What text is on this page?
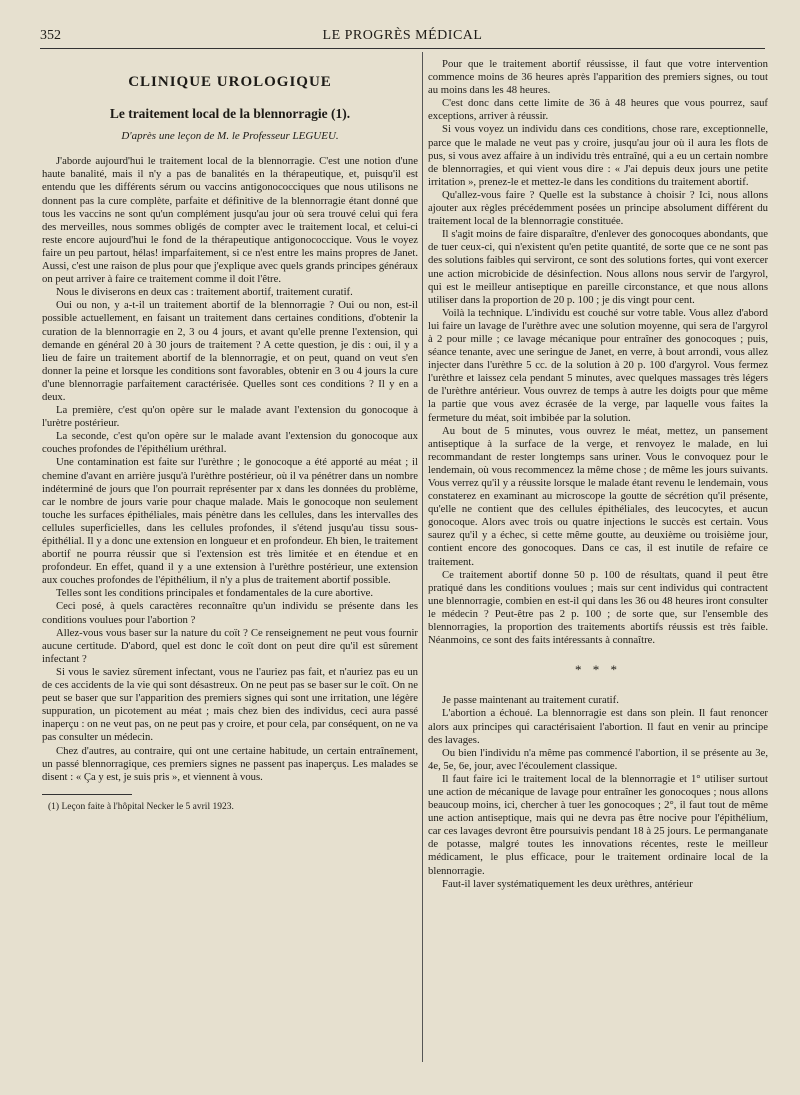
352	LE PROGRÈS MÉDICAL
CLINIQUE UROLOGIQUE
Le traitement local de la blennorragie (1).
D'après une leçon de M. le Professeur LEGUEU.

J'aborde aujourd'hui le traitement local de la blennorragie. C'est une notion d'une haute banalité, mais il n'y a pas de banalités en la thérapeutique, et, puisqu'il est entendu que les différents sérum ou vaccins antigonococciques que nous utilisons ne donnent pas la cure complète, parfaite et définitive de la blennorragie étant donné que tous les vaccins ne sont qu'un complément jusqu'au jour où sera trouvé celui qui fera des merveilles, nous sommes obligés de compter avec le traitement local, et celui-ci reste encore aujourd'hui le fond de la thérapeutique antigonococcique. Vous le voyez faire un peu partout, hélas! imparfaitement, si ce n'est entre les mains propres de Janet. Aussi, c'est une raison de plus pour que j'explique avec quels grands principes généraux on peut arriver à faire ce traitement comme il doit l'être.

Nous le diviserons en deux cas : traitement abortif, traitement curatif.

Oui ou non, y a-t-il un traitement abortif de la blennorragie ? Oui ou non, est-il possible actuellement, en faisant un traitement dans certaines conditions, d'obtenir la curation de la blennorragie en 2, 3 ou 4 jours, et avant qu'elle prenne l'extension, qui demande en général 20 à 30 jours de traitement ? A cette question, je dis : oui, il y a lieu de faire un traitement abortif de la blennorragie, et on peut, quand on veut s'en donner la peine et lorsque les conditions sont favorables, obtenir en 3 ou 4 jours la cure d'une blennorragie parfaitement caractérisée. Quelles sont ces conditions ? Il y en a deux.

La première, c'est qu'on opère sur le malade avant l'extension du gonocoque à l'urètre postérieur.

La seconde, c'est qu'on opère sur le malade avant l'extension du gonocoque aux couches profondes de l'épithélium uréthral.

Une contamination est faite sur l'urèthre ; le gonocoque a été apporté au méat ; il chemine d'avant en arrière jusqu'à l'urèthre postérieur, où il va pénétrer dans un nombre indéterminé de jours que l'on pourrait représenter par x dans les données du problème, car le nombre de jours varie pour chaque malade. Mais le gonocoque non seulement touche les surfaces épithéliales, mais pénètre dans les cellules, dans les intervalles des cellules superficielles, dans les cellules profondes, il s'étend jusqu'au tissu sous-épithélial. Il y a donc une extension en longueur et en profondeur. Eh bien, le traitement abortif ne pourra réussir que si l'extension est très limitée et en étendue et en profondeur. En effet, quand il y a une extension à l'urèthre postérieur, une extension aux couches profondes de l'épithélium, il n'y a plus de traitement abortif possible.

Telles sont les conditions principales et fondamentales de la cure abortive.

Ceci posé, à quels caractères reconnaître qu'un individu se présente dans les conditions voulues pour l'abortion ?

Allez-vous vous baser sur la nature du coït ? Ce renseignement ne peut vous fournir aucune certitude. D'abord, quel est donc le coït dont on peut dire qu'il est sûrement infectant ?

Si vous le saviez sûrement infectant, vous ne l'auriez pas fait, et n'auriez pas eu un de ces accidents de la vie qui sont désastreux. On ne peut pas se baser sur le coït. On ne peut se baser que sur l'apparition des premiers signes qui sont une irritation, une légère suppuration, un picotement au méat ; mais chez bien des individus, ceci aura passé inaperçu : on ne veut pas, on ne peut pas y croire, et pour cela, par conséquent, on ne va pas consulter un médecin.

Chez d'autres, au contraire, qui ont une certaine habitude, un certain entraînement, un passé blennorragique, ces premiers signes ne passent pas inaperçus. Les malades se disent : « Ça y est, je suis pris », et viennent à vous.

(1) Leçon faite à l'hôpital Necker le 5 avril 1923.

Pour que le traitement abortif réussisse, il faut que votre intervention commence moins de 36 heures après l'apparition des premiers signes, ou tout au moins dans les 48 heures.

C'est donc dans cette limite de 36 à 48 heures que vous pourrez, sauf exceptions, arriver à réussir.

Si vous voyez un individu dans ces conditions, chose rare, exceptionnelle, parce que le malade ne veut pas y croire, jusqu'au jour où il aura les flots de pus, si vous avez affaire à un individu très entraîné, qui a eu un certain nombre de blennorragies, et qui vient vous dire : « J'ai depuis deux jours une petite irritation », prenez-le et mettez-le dans les conditions du traitement abortif.

Qu'allez-vous faire ? Quelle est la substance à choisir ? Ici, nous allons ajouter aux règles précédemment posées un principe absolument différent du traitement local de la blennorragie constituée.

Il s'agit moins de faire disparaître, d'enlever des gonocoques abondants, que de tuer ceux-ci, qui n'existent qu'en petite quantité, de sorte que ce ne sont pas des solutions faibles qui serviront, ce sont des solutions fortes, qui vont exercer une action microbicide de désinfection. Nous allons nous servir de l'argyrol, qui est le meilleur antiseptique en pareille circonstance, et que nous allons utiliser dans la proportion de 20 p. 100 ; je dis vingt pour cent.

Voilà la technique. L'individu est couché sur votre table. Vous allez d'abord lui faire un lavage de l'urèthre avec une solution moyenne, qui sera de l'argyrol à 2 pour mille ; ce lavage mécanique pour entraîner des gonocoques ; puis, séance tenante, avec une seringue de Janet, en verre, à bout arrondi, vous allez injecter dans l'urèthre 5 cc. de la solution à 20 p. 100 d'argyrol. Vous fermez l'urèthre et laissez cela pendant 5 minutes, avec quelques massages très légers de l'urèthre antérieur. Vous ouvrez de temps à autre les doigts pour que même la partie que vous avez écrasée de la verge, par laquelle vous faites la fermeture du méat, soit imbibée par la solution.

Au bout de 5 minutes, vous ouvrez le méat, mettez, un pansement antiseptique à la surface de la verge, et renvoyez le malade, en lui recommandant de rester longtemps sans uriner. Vous le convoquez pour le lendemain, où vous recommencez la même chose ; de même les jours suivants. Vous verrez qu'il y a réussite lorsque le malade étant revenu le lendemain, vous constaterez en examinant au microscope la goutte de sécrétion qu'il présente, qu'elle ne contient que des cellules épithéliales, des leucocytes, et aucun gonocoque. Alors avec trois ou quatre injections le succès est certain. Vous saurez qu'il y a échec, si cette même goutte, au deuxième ou troisième jour, contient encore des gonocoques. Dans ce cas, il est inutile de refaire ce traitement.

Ce traitement abortif donne 50 p. 100 de résultats, quand il peut être pratiqué dans les conditions voulues ; mais sur cent individus qui contractent une blennorragie, combien en est-il qui dans les 36 ou 48 heures iront consulter le médecin ? Peut-être pas 2 p. 100 ; de sorte que, sur l'ensemble des blennorragies, la proportion des traitements abortifs réussis est très faible. Néanmoins, ce sont des faits intéressants à connaître.

* * *

Je passe maintenant au traitement curatif.

L'abortion a échoué. La blennorragie est dans son plein. Il faut renoncer alors aux principes qui caractérisaient l'abortion. Il faut en venir au principe des lavages.

Ou bien l'individu n'a même pas commencé l'abortion, il se présente au 3e, 4e, 5e, 6e, jour, avec l'écoulement classique.

Il faut faire ici le traitement local de la blennorragie et 1° utiliser surtout une action de mécanique de lavage pour entraîner les gonocoques ; nous allons beaucoup moins, ici, chercher à tuer les gonocoques ; 2°, il faut tout de même une action antiseptique, mais qui ne devra pas être nocive pour l'épithélium, car ces lavages devront être poursuivis pendant 18 à 25 jours. Le permanganate de potasse, malgré toutes les innovations récentes, reste le meilleur médicament, le plus efficace, pour le traitement ordinaire local de la blennorragie.

Faut-il laver systématiquement les deux urèthres, antérieur
